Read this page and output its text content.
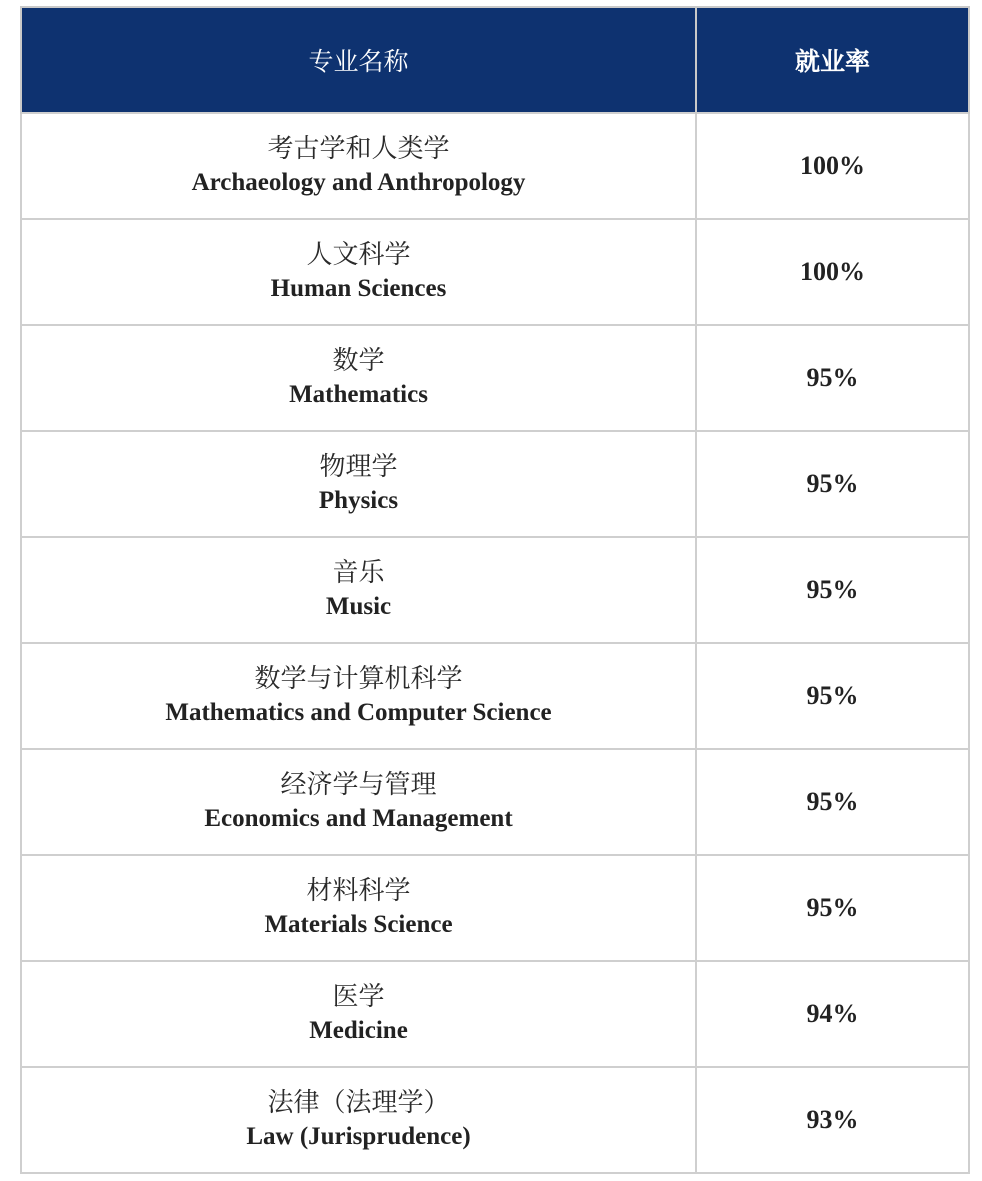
专业名称	就业率

考古学和人类学
Archaeology and Anthropology	100%

人文科学
Human Sciences	100%

数学
Mathematics	95%

物理学
Physics	95%

音乐
Music	95%

数学与计算机科学
Mathematics and Computer Science	95%

经济学与管理
Economics and Management	95%

材料科学
Materials Science	95%

医学
Medicine	94%

法律（法理学）
Law (Jurisprudence)	93%
